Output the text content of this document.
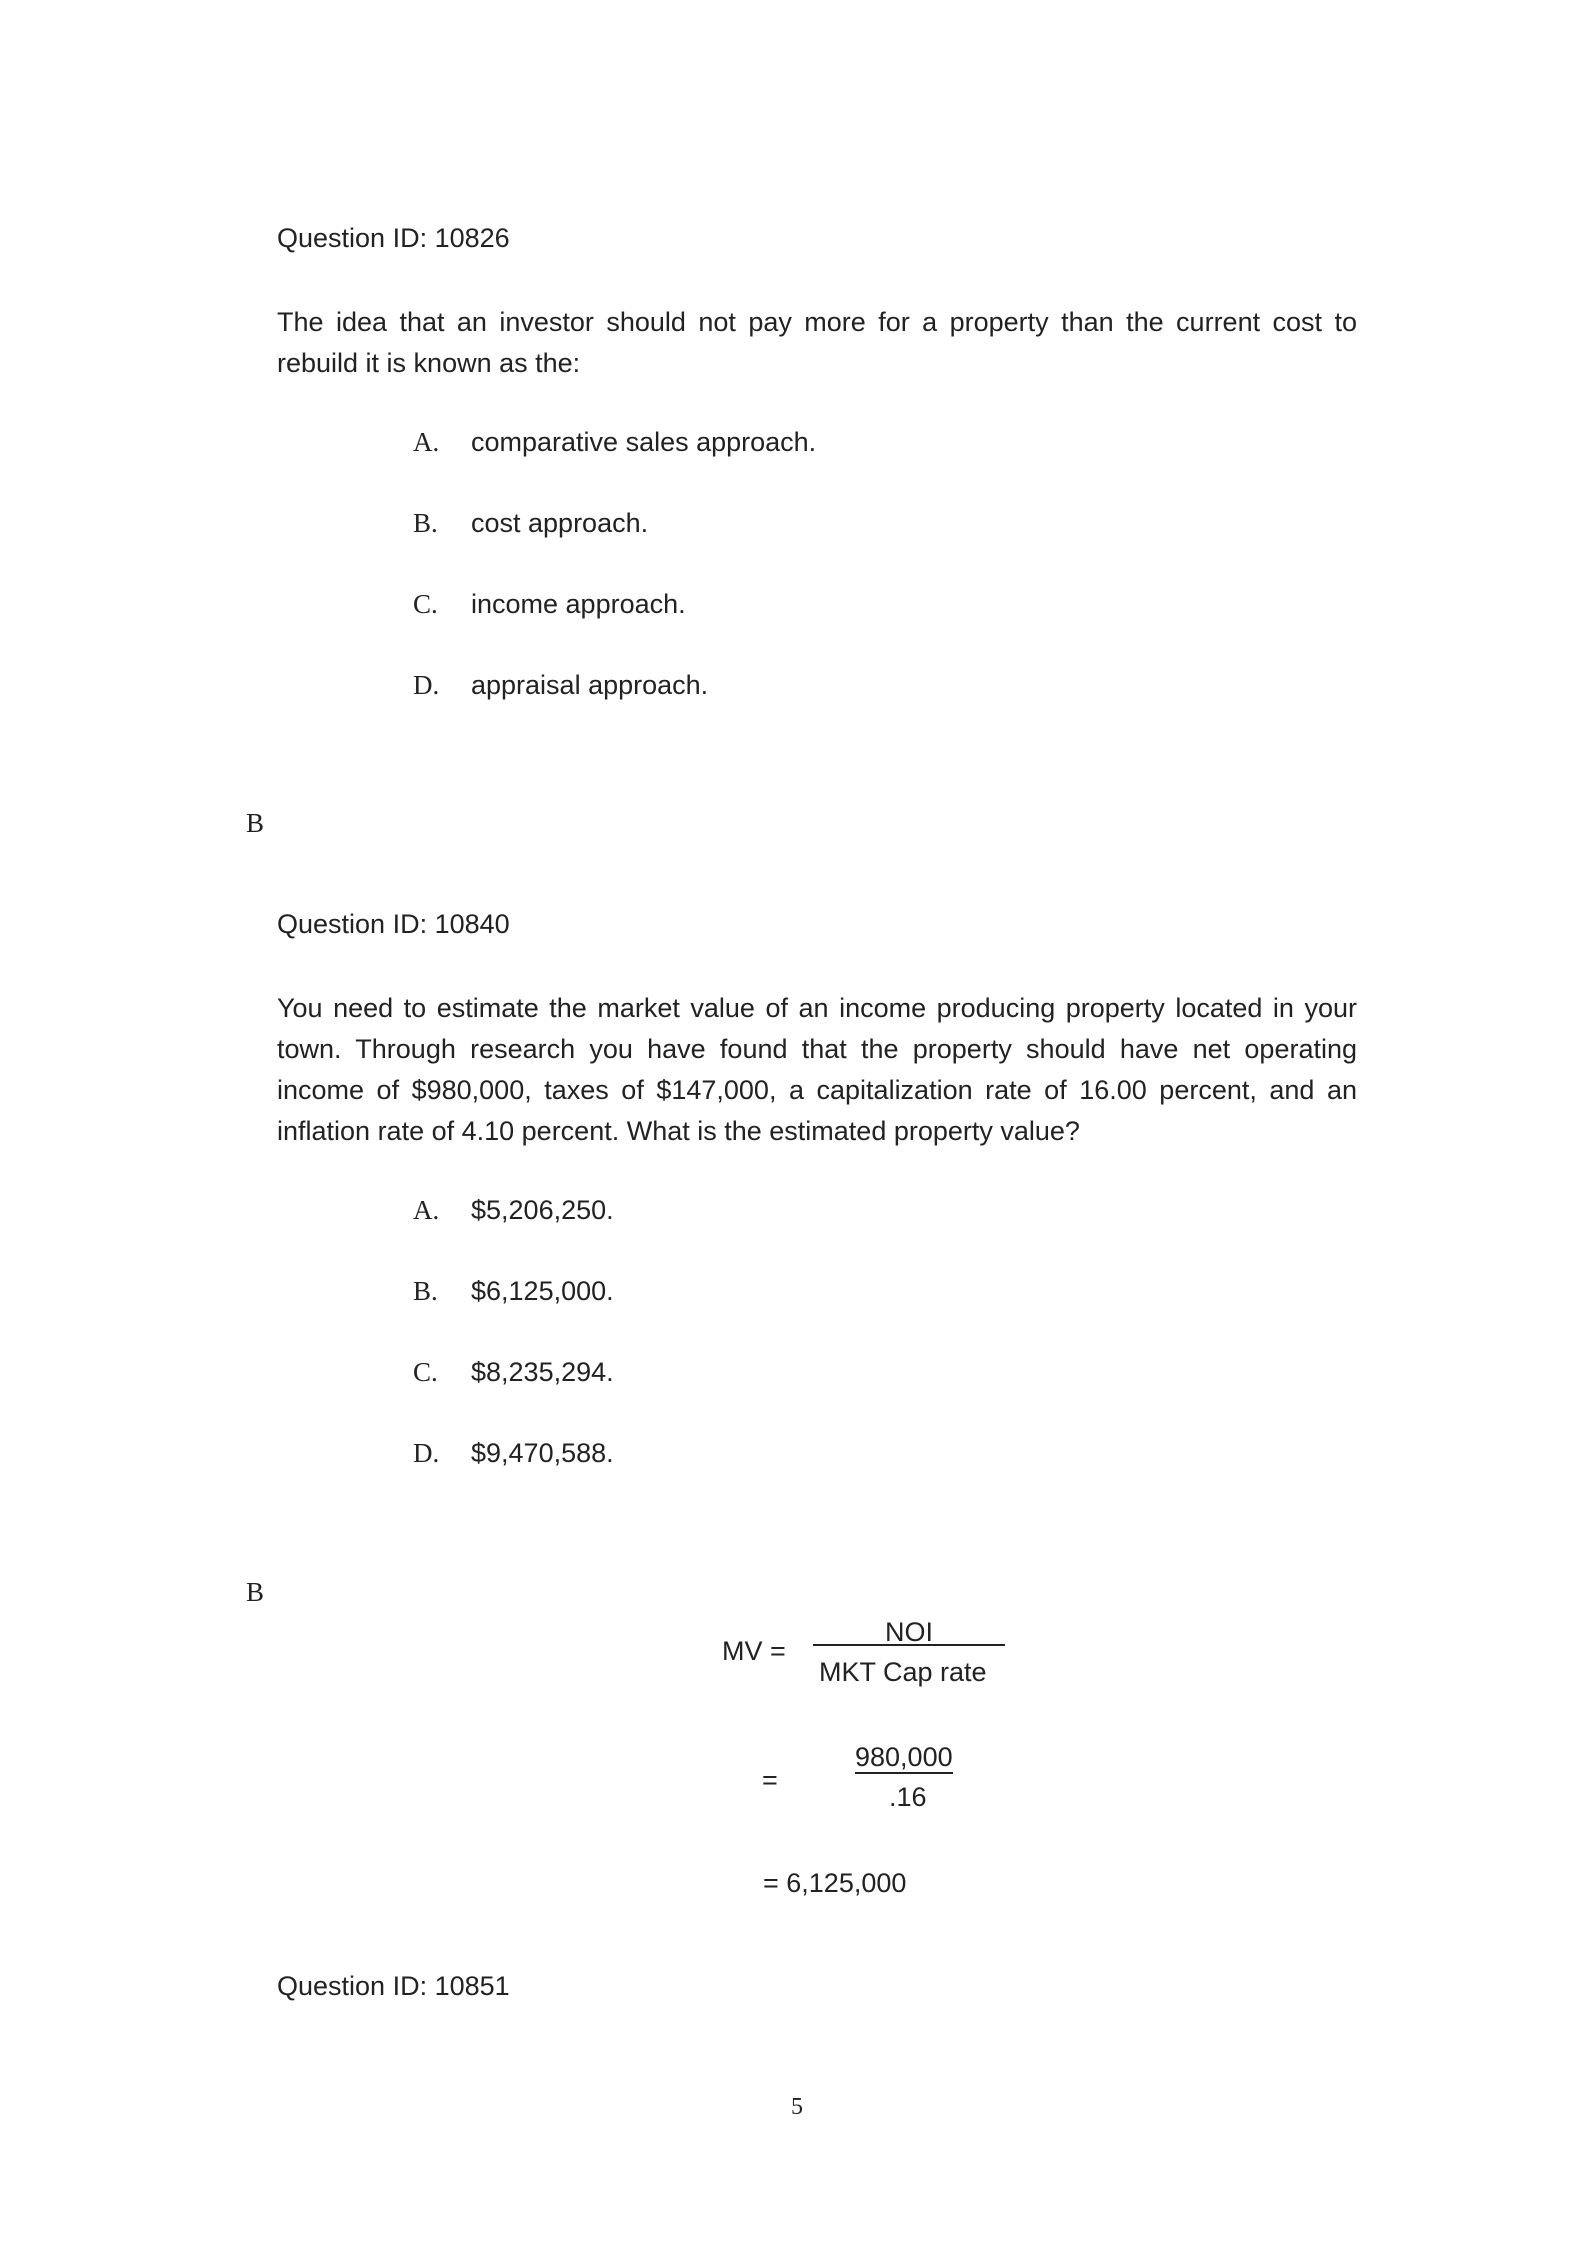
Question ID: 10826
The idea that an investor should not pay more for a property than the current cost to rebuild it is known as the:
A.	comparative sales approach.
B.	cost approach.
C.	income approach.
D.	appraisal approach.
B
Question ID: 10840
You need to estimate the market value of an income producing property located in your town. Through research you have found that the property should have net operating income of $980,000, taxes of $147,000, a capitalization rate of 16.00 percent, and an inflation rate of 4.10 percent. What is the estimated property value?
A.	$5,206,250.
B.	$6,125,000.
C.	$8,235,294.
D.	$9,470,588.
B
MV =
NOI
MKT Cap rate
=
980,000
.16
= 6,125,000
Question ID: 10851
5
